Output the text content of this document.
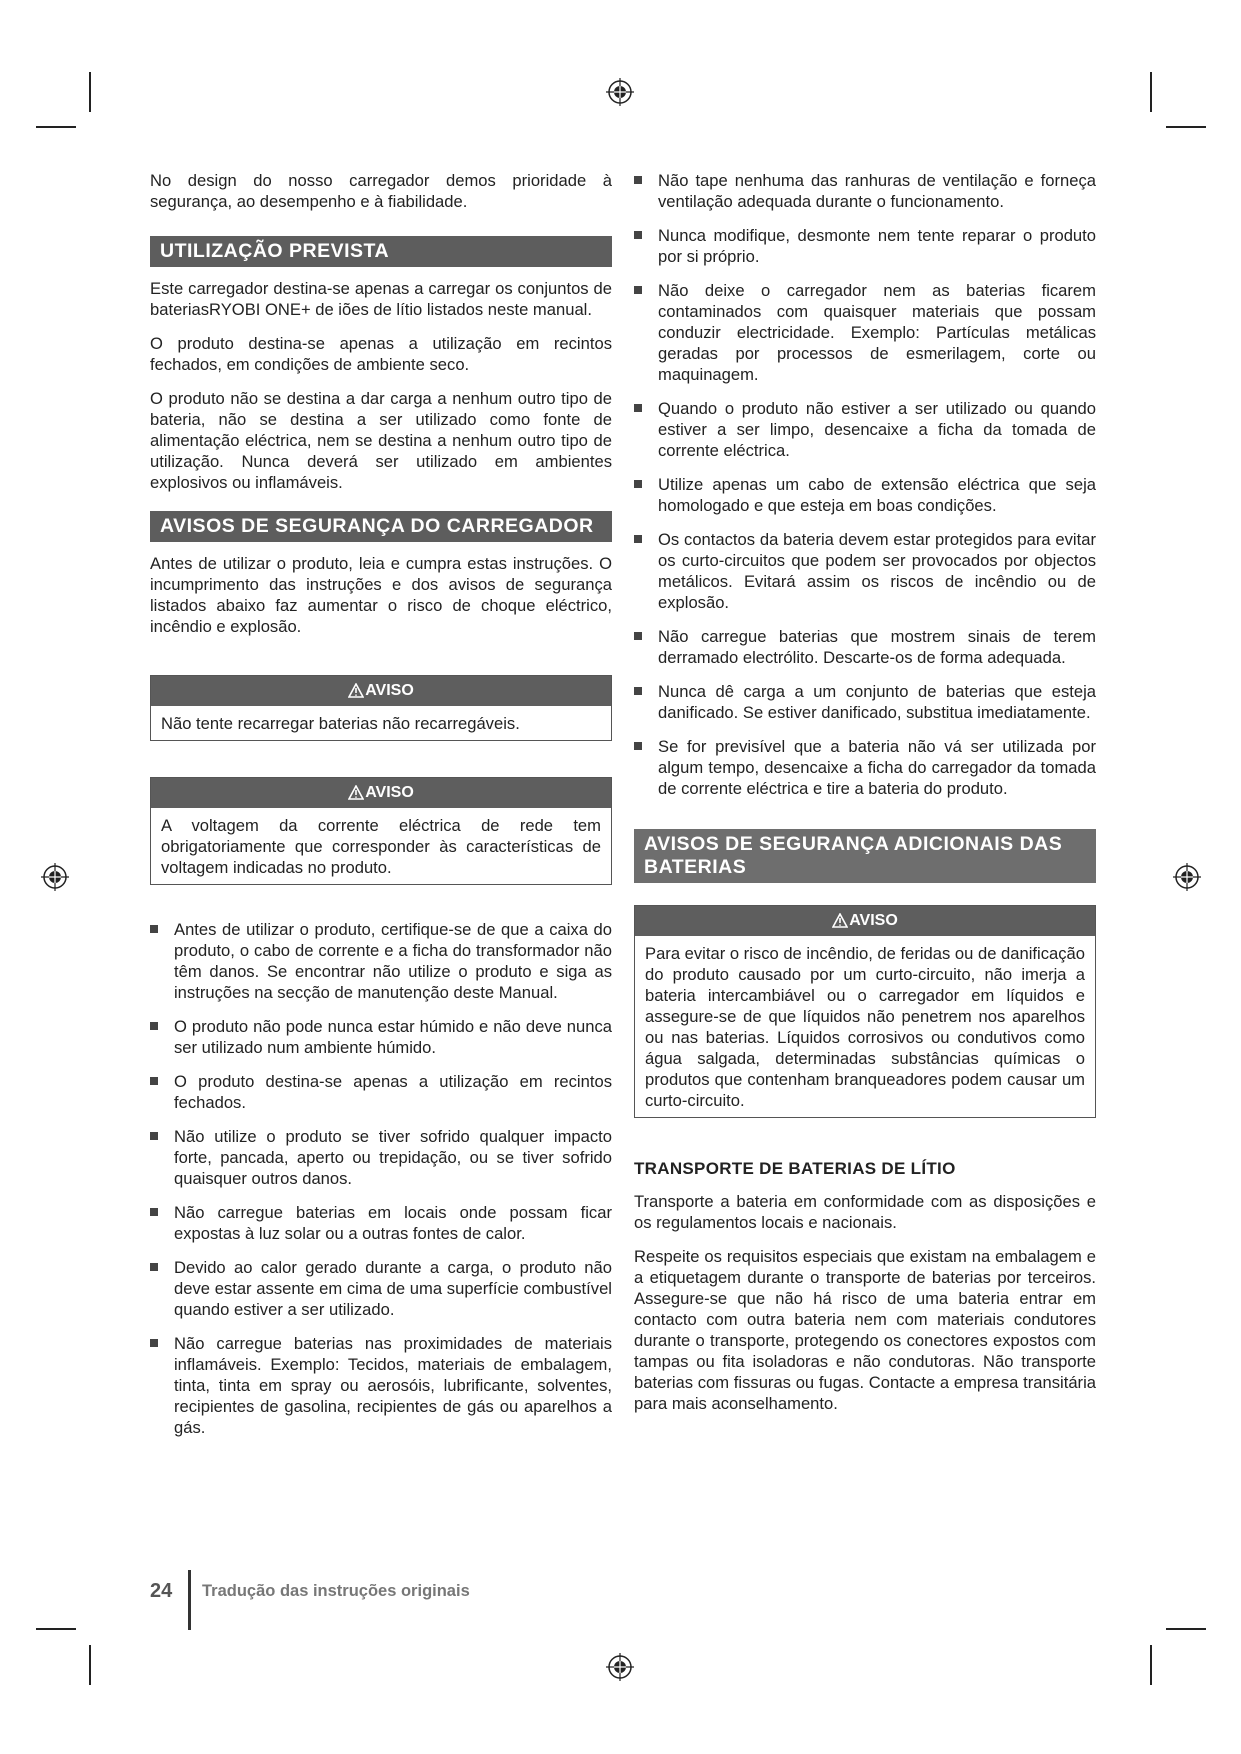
No design do nosso carregador demos prioridade à segurança, ao desempenho e à fiabilidade.

UTILIZAÇÃO PREVISTA

Este carregador destina-se apenas a carregar os conjuntos de bateriasRYOBI ONE+ de iões de lítio listados neste manual.

O produto destina-se apenas a utilização em recintos fechados, em condições de ambiente seco.

O produto não se destina a dar carga a nenhum outro tipo de bateria, não se destina a ser utilizado como fonte de alimentação eléctrica, nem se destina a nenhum outro tipo de utilização. Nunca deverá ser utilizado em ambientes explosivos ou inflamáveis.

AVISOS DE SEGURANÇA DO CARREGADOR

Antes de utilizar o produto, leia e cumpra estas instruções. O incumprimento das instruções e dos avisos de segurança listados abaixo faz aumentar o risco de choque eléctrico, incêndio e explosão.

AVISO
Não tente recarregar baterias não recarregáveis.
AVISO
A voltagem da corrente eléctrica de rede tem obrigatoriamente que corresponder às características de voltagem indicadas no produto.
Antes de utilizar o produto, certifique-se de que a caixa do produto, o cabo de corrente e a ficha do transformador não têm danos. Se encontrar não utilize o produto e siga as instruções na secção de manutenção deste Manual.
O produto não pode nunca estar húmido e não deve nunca ser utilizado num ambiente húmido.
O produto destina-se apenas a utilização em recintos fechados.
Não utilize o produto se tiver sofrido qualquer impacto forte, pancada, aperto ou trepidação, ou se tiver sofrido quaisquer outros danos.
Não carregue baterias em locais onde possam ficar expostas à luz solar ou a outras fontes de calor.
Devido ao calor gerado durante a carga, o produto não deve estar assente em cima de uma superfície combustível quando estiver a ser utilizado.
Não carregue baterias nas proximidades de materiais inflamáveis. Exemplo: Tecidos, materiais de embalagem, tinta, tinta em spray ou aerosóis, lubrificante, solventes, recipientes de gasolina, recipientes de gás ou aparelhos a gás.
Não tape nenhuma das ranhuras de ventilação e forneça ventilação adequada durante o funcionamento.
Nunca modifique, desmonte nem tente reparar o produto por si próprio.
Não deixe o carregador nem as baterias ficarem contaminados com quaisquer materiais que possam conduzir electricidade. Exemplo: Partículas metálicas geradas por processos de esmerilagem, corte ou maquinagem.
Quando o produto não estiver a ser utilizado ou quando estiver a ser limpo, desencaixe a ficha da tomada de corrente eléctrica.
Utilize apenas um cabo de extensão eléctrica que seja homologado e que esteja em boas condições.
Os contactos da bateria devem estar protegidos para evitar os curto-circuitos que podem ser provocados por objectos metálicos. Evitará assim os riscos de incêndio ou de explosão.
Não carregue baterias que mostrem sinais de terem derramado electrólito. Descarte-os de forma adequada.
Nunca dê carga a um conjunto de baterias que esteja danificado. Se estiver danificado, substitua imediatamente.
Se for previsível que a bateria não vá ser utilizada por algum tempo, desencaixe a ficha do carregador da tomada de corrente eléctrica e tire a bateria do produto.
AVISOS DE SEGURANÇA ADICIONAIS DAS BATERIAS
AVISO
Para evitar o risco de incêndio, de feridas ou de danificação do produto causado por um curto-circuito, não imerja a bateria intercambiável ou o carregador em líquidos e assegure-se de que líquidos não penetrem nos aparelhos ou nas baterias. Líquidos corrosivos ou condutivos como água salgada, determinadas substâncias químicas o produtos que contenham branqueadores podem causar um curto-circuito.
TRANSPORTE DE BATERIAS DE LÍTIO

Transporte a bateria em conformidade com as disposições e os regulamentos locais e nacionais.

Respeite os requisitos especiais que existam na embalagem e a etiquetagem durante o transporte de baterias por terceiros. Assegure-se que não há risco de uma bateria entrar em contacto com outra bateria nem com materiais condutores durante o transporte, protegendo os conectores expostos com tampas ou fita isoladoras e não condutoras. Não transporte baterias com fissuras ou fugas. Contacte a empresa transitária para mais aconselhamento.

24 Tradução das instruções originais
